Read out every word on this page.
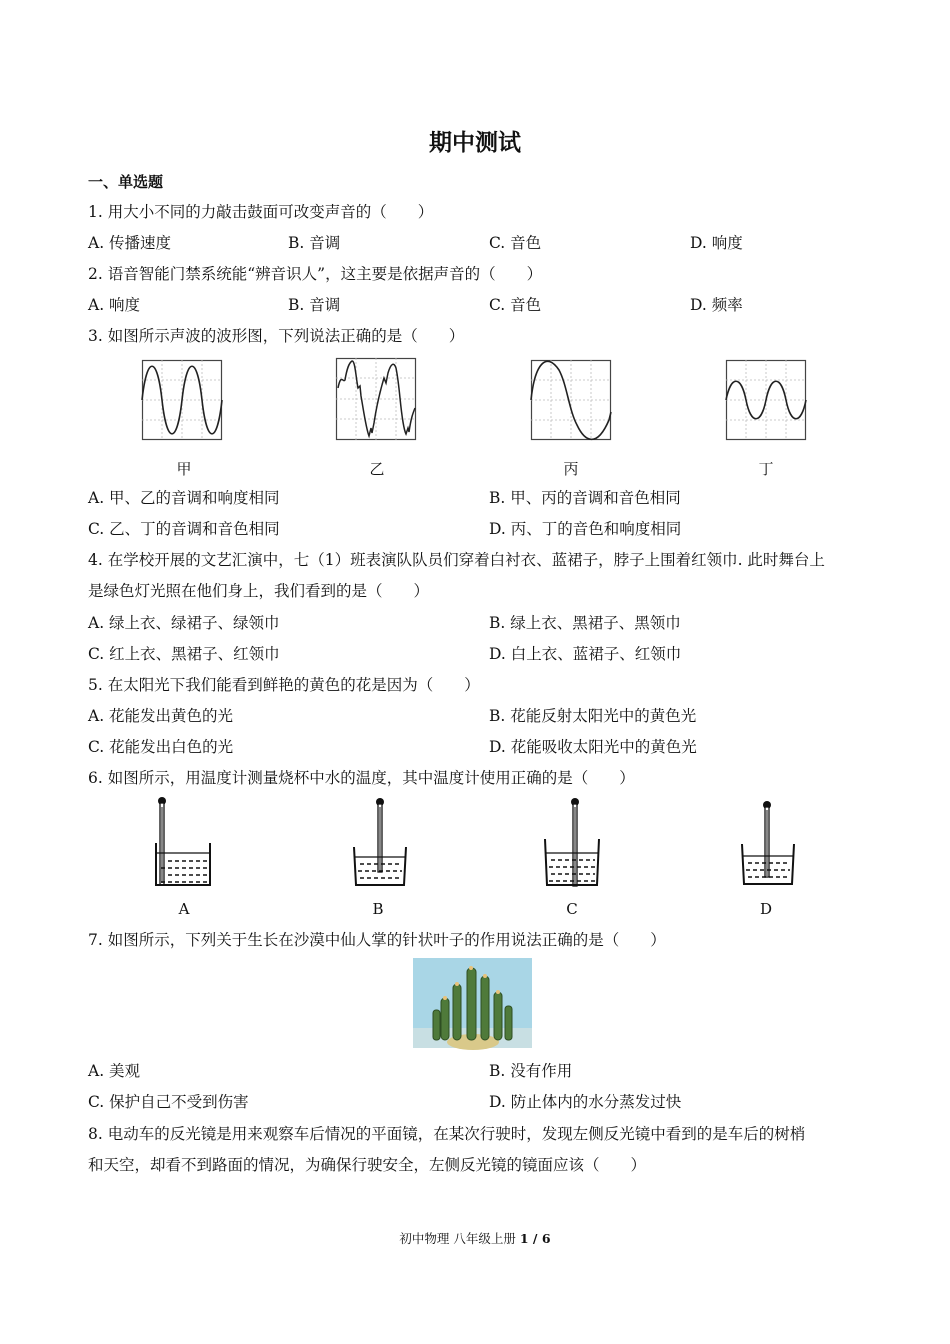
期中测试
一、单选题
1. 用大小不同的力敲击鼓面可改变声音的（　　）
A. 传播速度	B. 音调	C. 音色	D. 响度
2. 语音智能门禁系统能“辨音识人”，这主要是依据声音的（　　）
A. 响度	B. 音调	C. 音色	D. 频率
3. 如图所示声波的波形图，下列说法正确的是（　　）
甲	乙	丙	丁
A. 甲、乙的音调和响度相同	B. 甲、丙的音调和音色相同
C. 乙、丁的音调和音色相同	D. 丙、丁的音色和响度相同
4. 在学校开展的文艺汇演中，七（1）班表演队队员们穿着白衬衣、蓝裙子，脖子上围着红领巾. 此时舞台上
是绿色灯光照在他们身上，我们看到的是（　　）
A. 绿上衣、绿裙子、绿领巾	B. 绿上衣、黑裙子、黑领巾
C. 红上衣、黑裙子、红领巾	D. 白上衣、蓝裙子、红领巾
5. 在太阳光下我们能看到鲜艳的黄色的花是因为（　　）
A. 花能发出黄色的光	B. 花能反射太阳光中的黄色光
C. 花能发出白色的光	D. 花能吸收太阳光中的黄色光
6. 如图所示，用温度计测量烧杯中水的温度，其中温度计使用正确的是（　　）
A	B	C	D
7. 如图所示，下列关于生长在沙漠中仙人掌的针状叶子的作用说法正确的是（　　）
A. 美观	B. 没有作用
C. 保护自己不受到伤害	D. 防止体内的水分蒸发过快
8. 电动车的反光镜是用来观察车后情况的平面镜，在某次行驶时，发现左侧反光镜中看到的是车后的树梢
和天空，却看不到路面的情况，为确保行驶安全，左侧反光镜的镜面应该（　　）
初中物理 八年级上册 1 / 6
